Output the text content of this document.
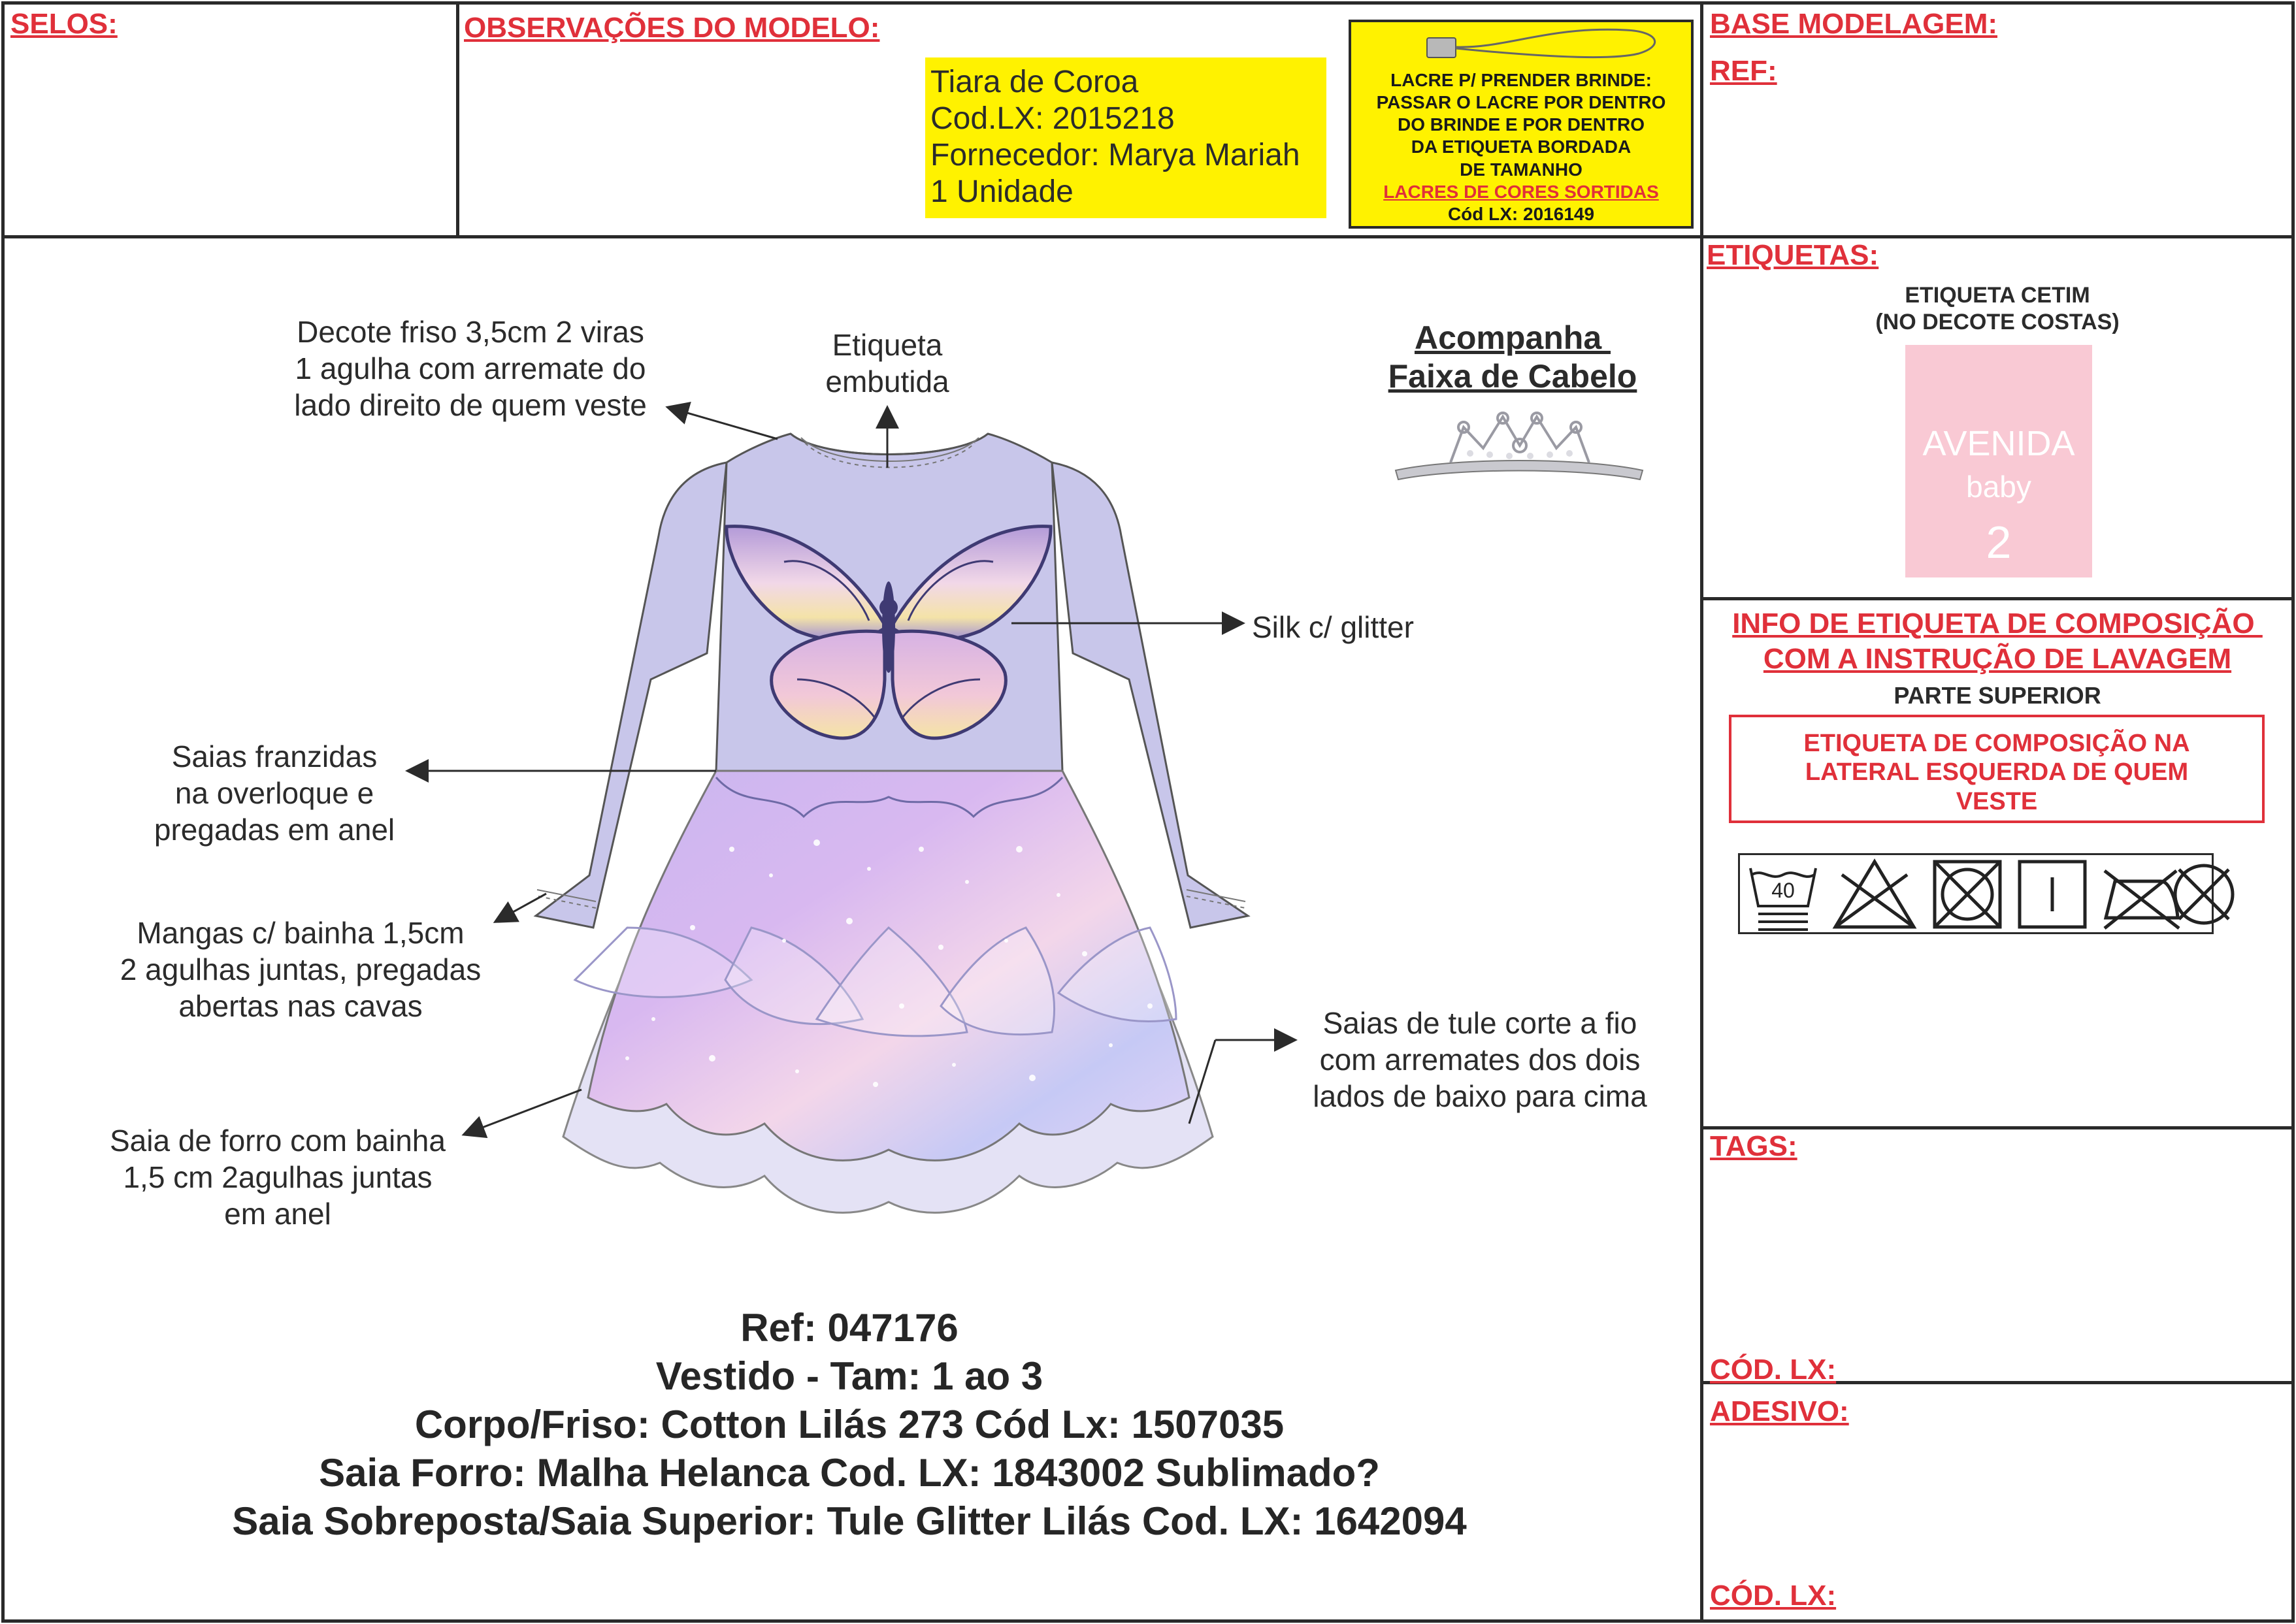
SELOS:	OBSERVAÇÕES DO MODELO:	BASE MODELAGEM:
REF:
Tiara de Coroa
Cod.LX: 2015218
Fornecedor: Marya Mariah
1 Unidade
LACRE P/ PRENDER BRINDE:
PASSAR O LACRE POR DENTRO
DO BRINDE E POR DENTRO
DA ETIQUETA BORDADA
DE TAMANHO
LACRES DE CORES SORTIDAS
Cód LX: 2016149
Decote friso 3,5cm 2 viras
1 agulha com arremate do
lado direito de quem veste
Etiqueta
embutida
Silk c/ glitter
Saias franzidas
na overloque e
pregadas em anel
Mangas c/ bainha 1,5cm
2 agulhas juntas, pregadas
abertas nas cavas	Saias de tule corte a fio
com arremates dos dois
lados de baixo para cima
Saia de forro com bainha
1,5 cm 2agulhas juntas
em anel
Acompanha
Faixa de Cabelo
Ref: 047176
Vestido - Tam: 1 ao 3
Corpo/Friso: Cotton Lilás 273 Cód Lx: 1507035
Saia Forro: Malha Helanca Cod. LX: 1843002 Sublimado?
Saia Sobreposta/Saia Superior: Tule Glitter Lilás Cod. LX: 1642094
ETIQUETAS:
ETIQUETA CETIM
(NO DECOTE COSTAS)
AVENIDA
baby
2
INFO DE ETIQUETA DE COMPOSIÇÃO
COM A INSTRUÇÃO DE LAVAGEM
PARTE SUPERIOR
ETIQUETA DE COMPOSIÇÃO NA
LATERAL ESQUERDA DE QUEM
VESTE
40
TAGS:
CÓD. LX:
ADESIVO:
CÓD. LX:
